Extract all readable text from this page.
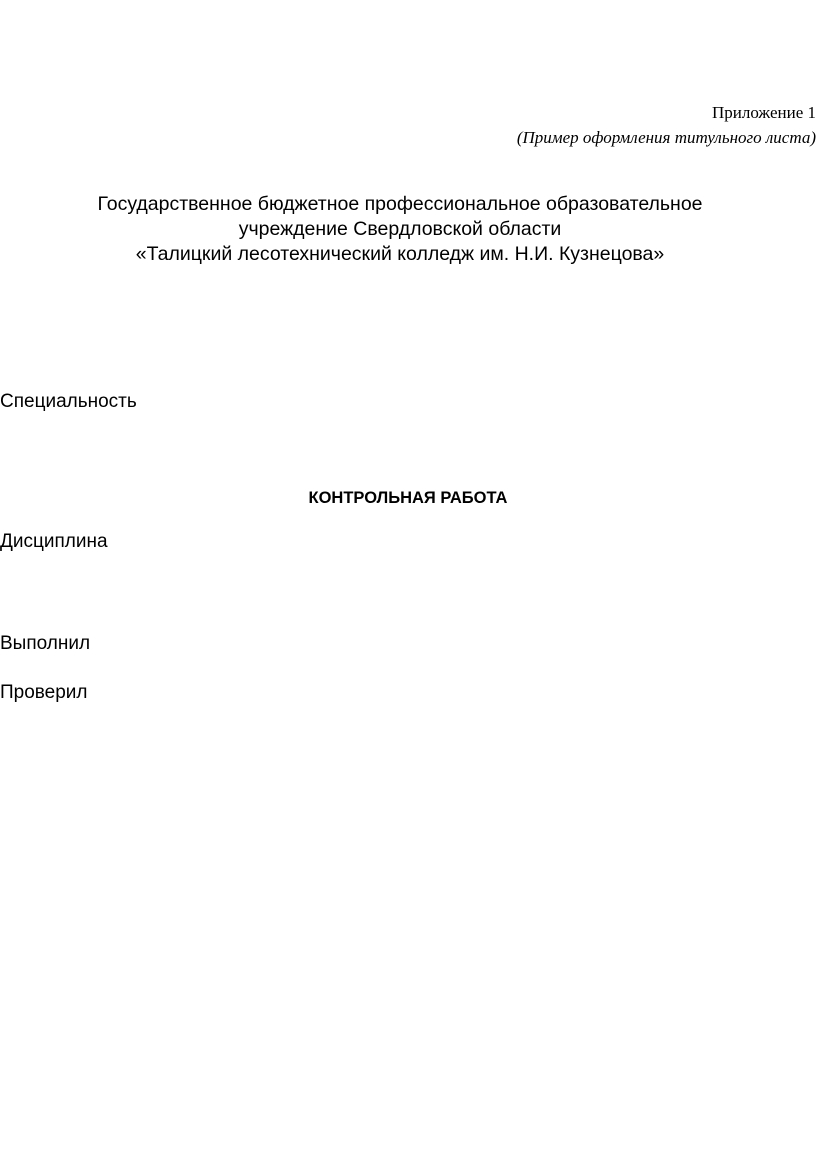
Приложение 1

(Пример оформления титульного листа)

Государственное бюджетное профессиональное образовательное
учреждение Свердловской области
«Талицкий лесотехнический колледж им. Н.И. Кузнецова»

Специальность

КОНТРОЛЬНАЯ РАБОТА

Дисциплина

Выполнил

Проверил
